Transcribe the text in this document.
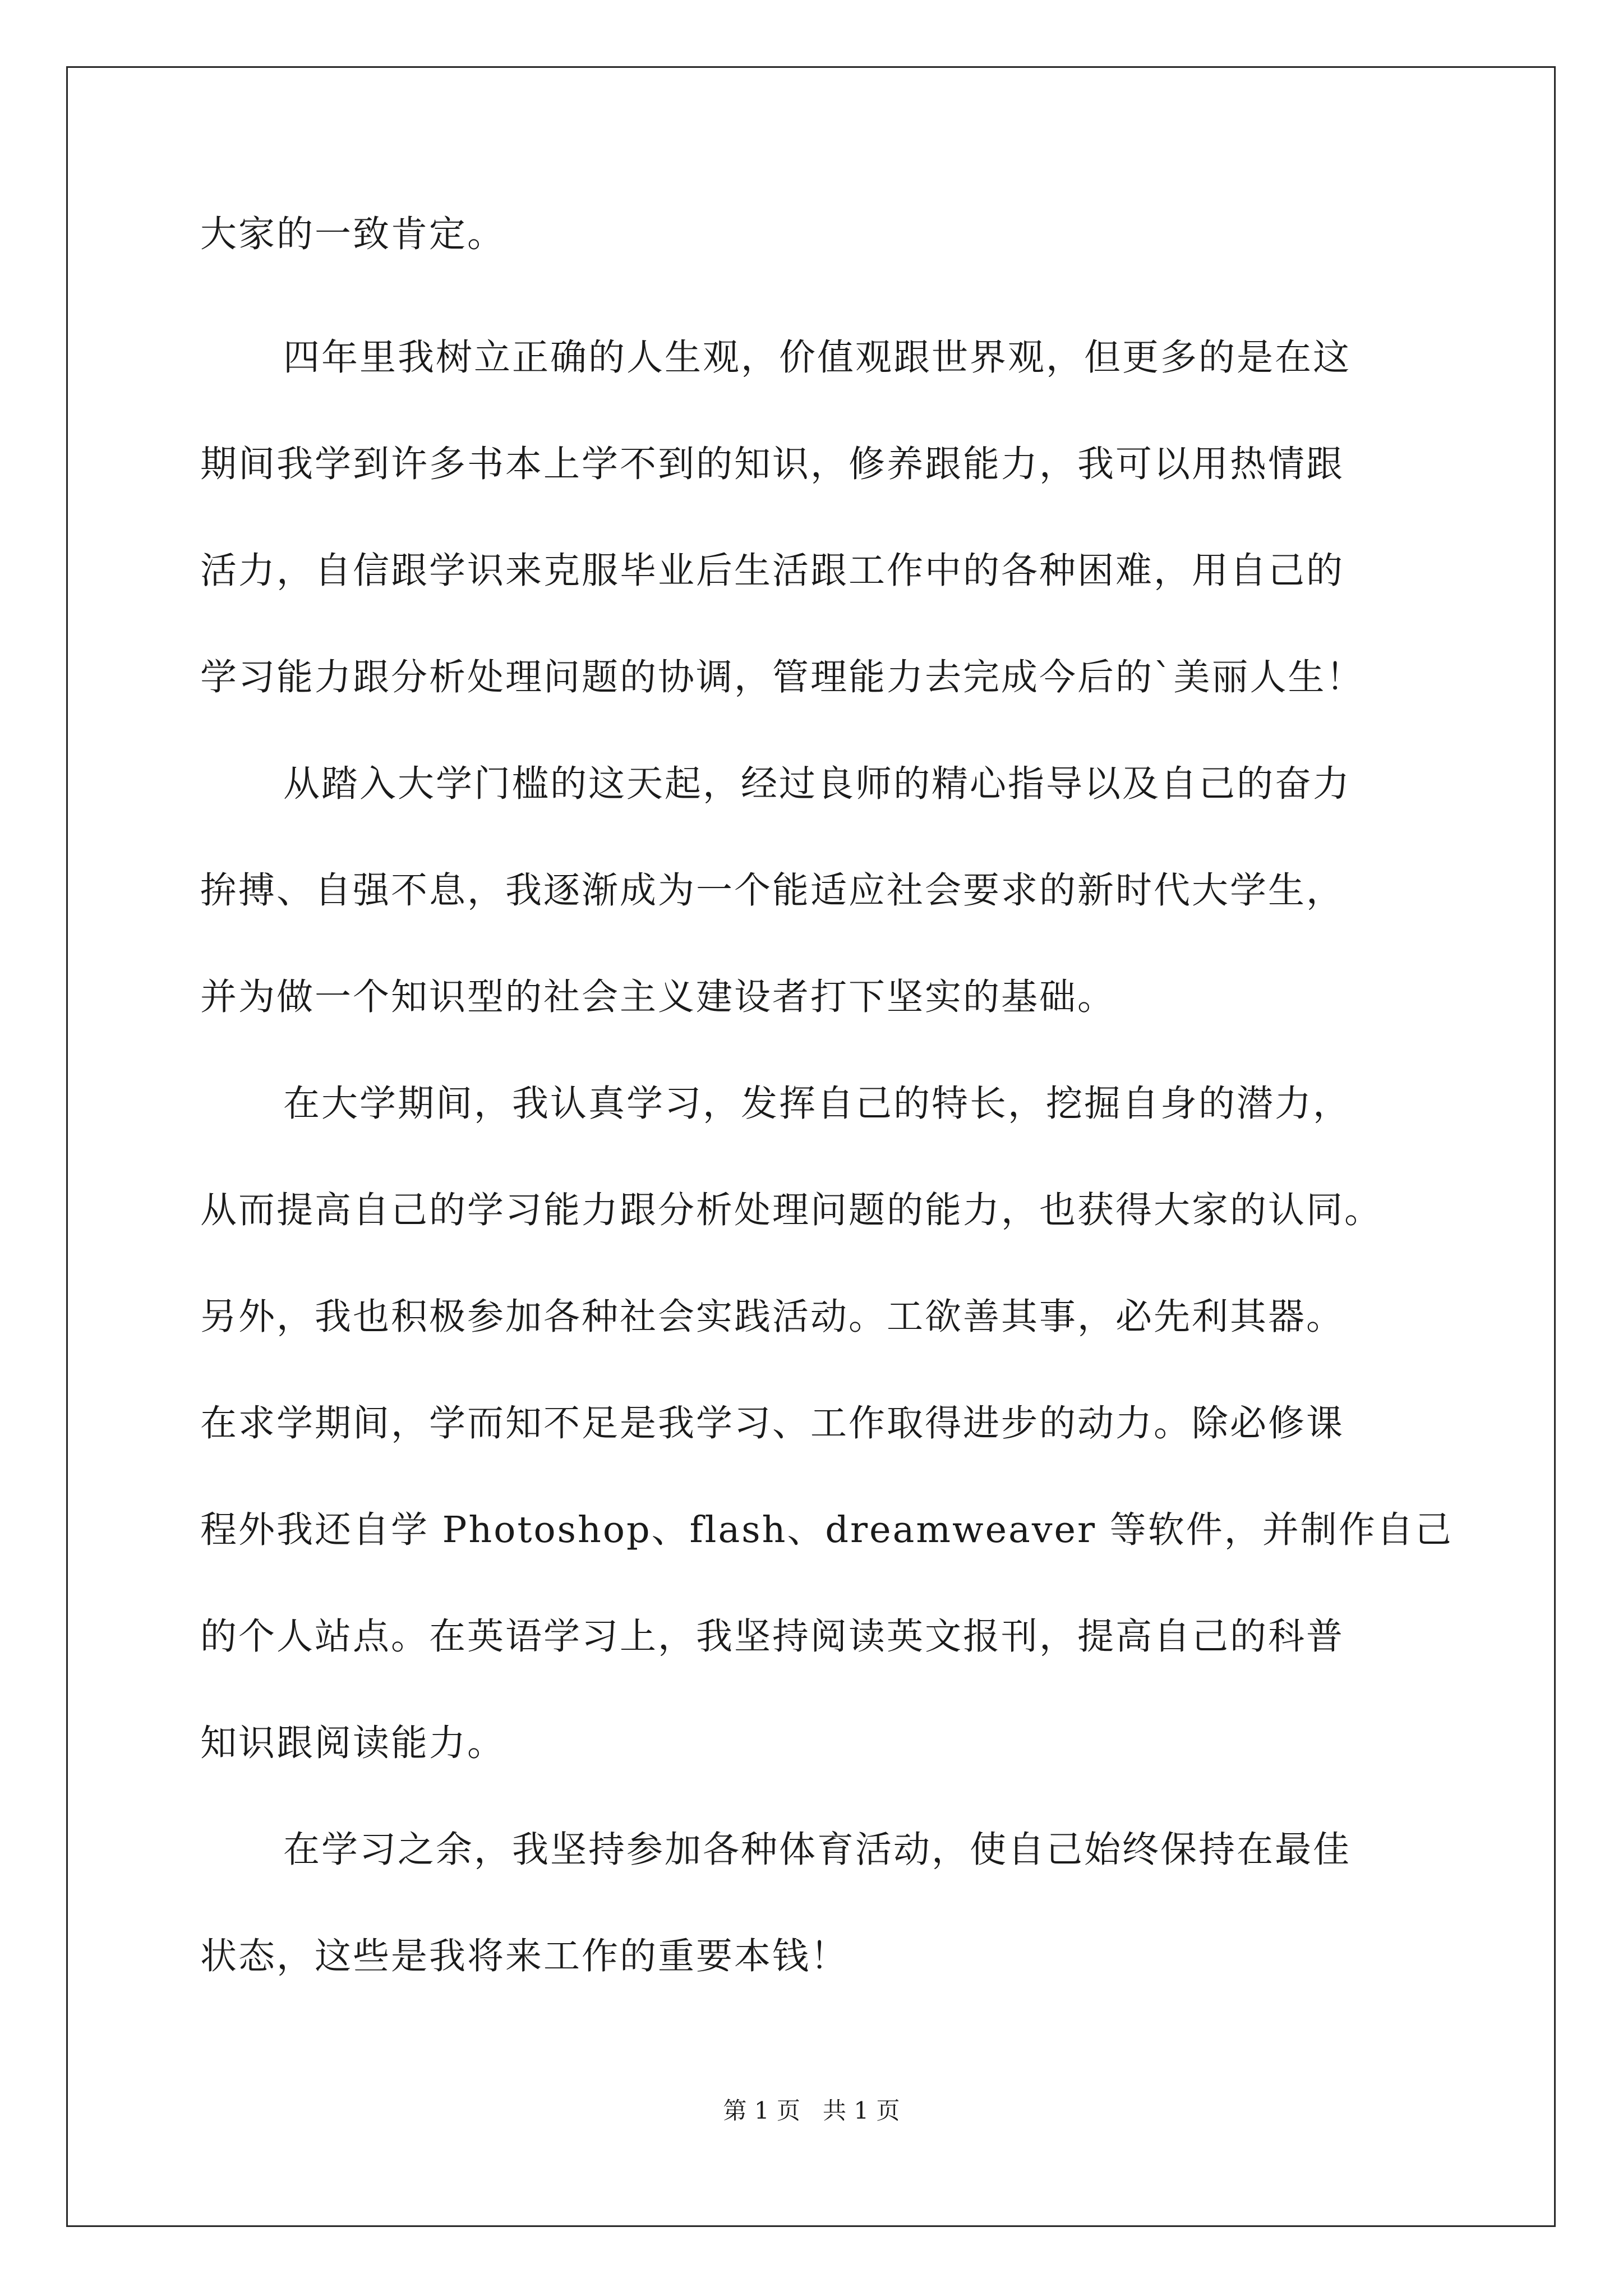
大家的一致肯定。
四年里我树立正确的人生观，价值观跟世界观，但更多的是在这
期间我学到许多书本上学不到的知识，修养跟能力，我可以用热情跟
活力，自信跟学识来克服毕业后生活跟工作中的各种困难，用自己的
学习能力跟分析处理问题的协调，管理能力去完成今后的`美丽人生！
从踏入大学门槛的这天起，经过良师的精心指导以及自己的奋力
拚搏、自强不息，我逐渐成为一个能适应社会要求的新时代大学生，
并为做一个知识型的社会主义建设者打下坚实的基础。
在大学期间，我认真学习，发挥自己的特长，挖掘自身的潜力，
从而提高自己的学习能力跟分析处理问题的能力，也获得大家的认同。
另外，我也积极参加各种社会实践活动。工欲善其事，必先利其器。
在求学期间，学而知不足是我学习、工作取得进步的动力。除必修课
程外我还自学 Photoshop、flash、dreamweaver 等软件，并制作自己
的个人站点。在英语学习上，我坚持阅读英文报刊，提高自己的科普
知识跟阅读能力。
在学习之余，我坚持参加各种体育活动，使自己始终保持在最佳
状态，这些是我将来工作的重要本钱！
第 1 页   共 1 页
